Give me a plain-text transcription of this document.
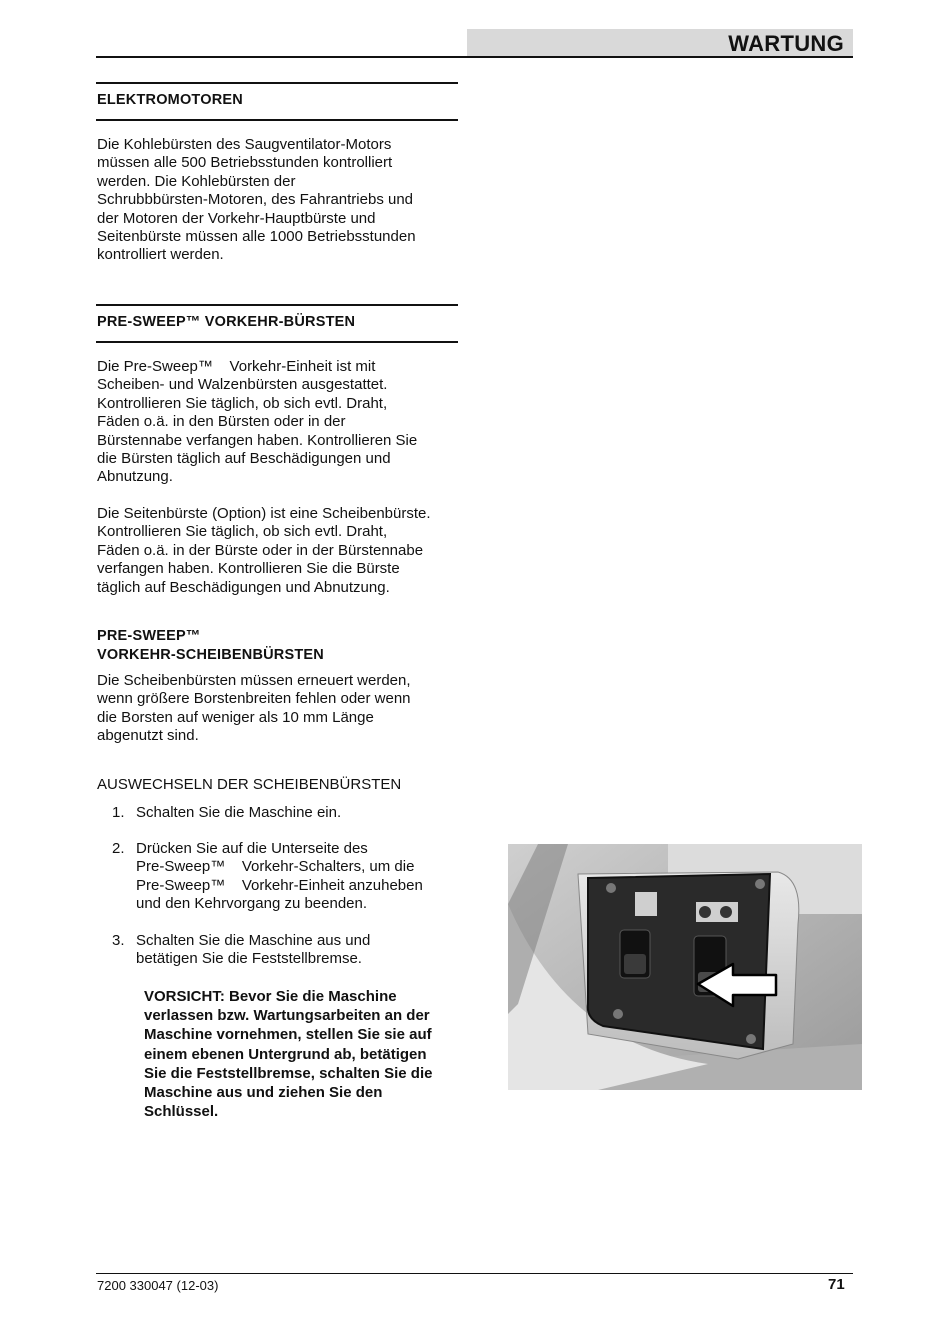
WARTUNG
ELEKTROMOTOREN
Die Kohlebürsten des Saugventilator-Motors
müssen alle 500 Betriebsstunden kontrolliert
werden. Die Kohlebürsten der
Schrubbbürsten-Motoren, des Fahrantriebs und
der Motoren der Vorkehr-Hauptbürste und
Seitenbürste müssen alle 1000 Betriebsstunden
kontrolliert werden.
PRE-SWEEP™ VORKEHR-BÜRSTEN
Die Pre-Sweep™    Vorkehr-Einheit ist mit
Scheiben- und Walzenbürsten ausgestattet.
Kontrollieren Sie täglich, ob sich evtl. Draht,
Fäden o.ä. in den Bürsten oder in der
Bürstennabe verfangen haben. Kontrollieren Sie
die Bürsten täglich auf Beschädigungen und
Abnutzung.
Die Seitenbürste (Option) ist eine Scheibenbürste.
Kontrollieren Sie täglich, ob sich evtl. Draht,
Fäden o.ä. in der Bürste oder in der Bürstennabe
verfangen haben. Kontrollieren Sie die Bürste
täglich auf Beschädigungen und Abnutzung.
PRE-SWEEP™
VORKEHR-SCHEIBENBÜRSTEN
Die Scheibenbürsten müssen erneuert werden,
wenn größere Borstenbreiten fehlen oder wenn
die Borsten auf weniger als 10 mm Länge
abgenutzt sind.
AUSWECHSELN DER SCHEIBENBÜRSTEN
1. Schalten Sie die Maschine ein.
2. Drücken Sie auf die Unterseite des
Pre-Sweep™    Vorkehr-Schalters, um die
Pre-Sweep™    Vorkehr-Einheit anzuheben
und den Kehrvorgang zu beenden.
3. Schalten Sie die Maschine aus und
betätigen Sie die Feststellbremse.
VORSICHT: Bevor Sie die Maschine
verlassen bzw. Wartungsarbeiten an der
Maschine vornehmen, stellen Sie sie auf
einem ebenen Untergrund ab, betätigen
Sie die Feststellbremse, schalten Sie die
Maschine aus und ziehen Sie den
Schlüssel.
7200 330047 (12-03)	71
